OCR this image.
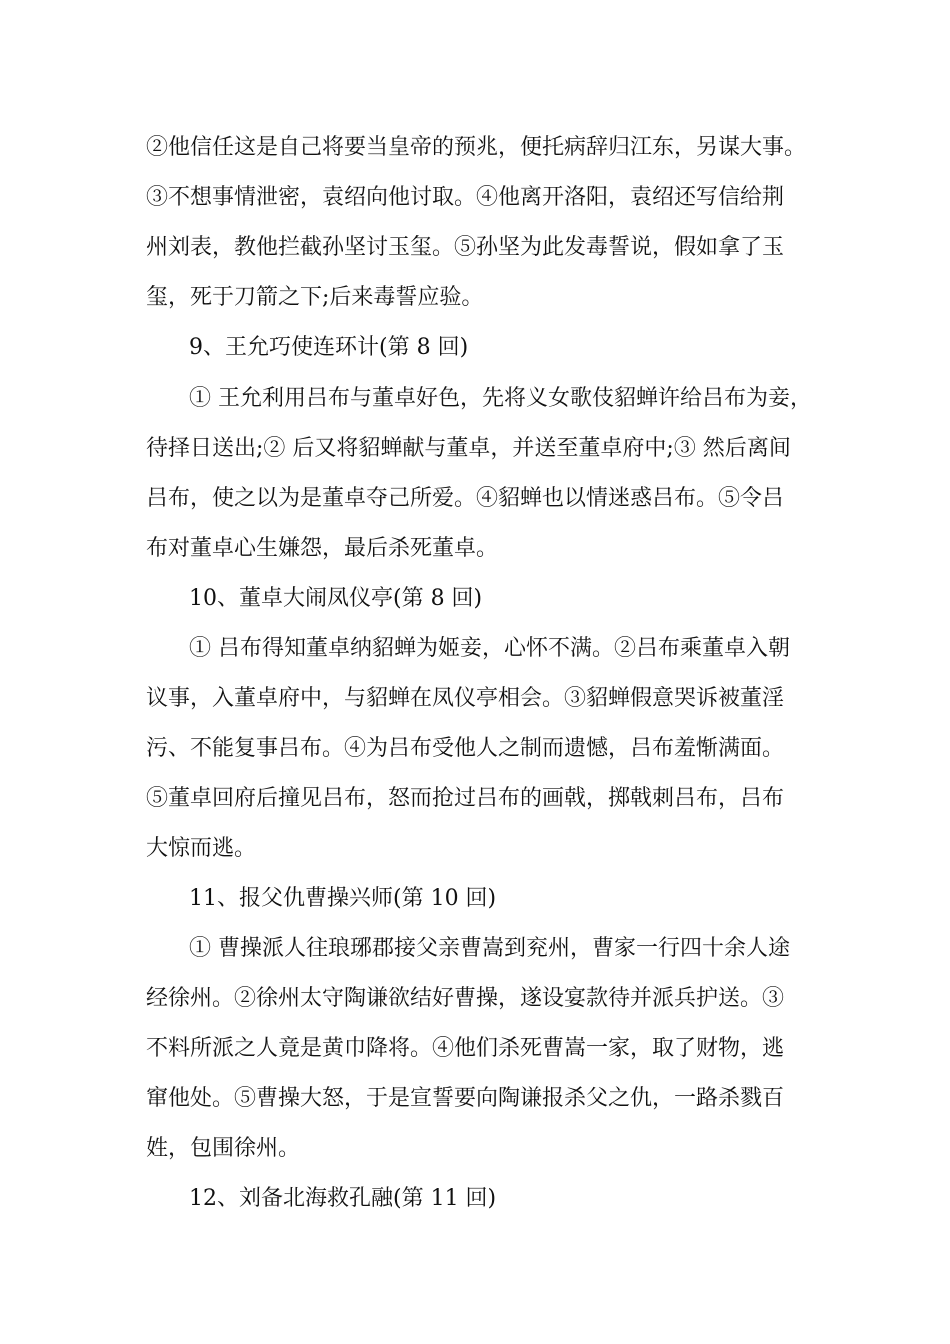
②他信任这是自己将要当皇帝的预兆，便托病辞归江东，另谋大事。
③不想事情泄密，袁绍向他讨取。④他离开洛阳，袁绍还写信给荆
州刘表，教他拦截孙坚讨玉玺。⑤孙坚为此发毒誓说，假如拿了玉
玺，死于刀箭之下;后来毒誓应验。
9、王允巧使连环计(第 8 回)
① 王允利用吕布与董卓好色，先将义女歌伎貂蝉许给吕布为妾，
待择日送出;② 后又将貂蝉献与董卓，并送至董卓府中;③ 然后离间
吕布，使之以为是董卓夺己所爱。④貂蝉也以情迷惑吕布。⑤令吕
布对董卓心生嫌怨，最后杀死董卓。
10、董卓大闹凤仪亭(第 8 回)
① 吕布得知董卓纳貂蝉为姬妾，心怀不满。②吕布乘董卓入朝
议事，入董卓府中，与貂蝉在凤仪亭相会。③貂蝉假意哭诉被董淫
污、不能复事吕布。④为吕布受他人之制而遗憾，吕布羞惭满面。
⑤董卓回府后撞见吕布，怒而抢过吕布的画戟，掷戟刺吕布，吕布
大惊而逃。
11、报父仇曹操兴师(第 10 回)
① 曹操派人往琅琊郡接父亲曹嵩到兖州，曹家一行四十余人途
经徐州。②徐州太守陶谦欲结好曹操，遂设宴款待并派兵护送。③
不料所派之人竟是黄巾降将。④他们杀死曹嵩一家，取了财物，逃
窜他处。⑤曹操大怒，于是宣誓要向陶谦报杀父之仇，一路杀戮百
姓，包围徐州。
12、刘备北海救孔融(第 11 回)
